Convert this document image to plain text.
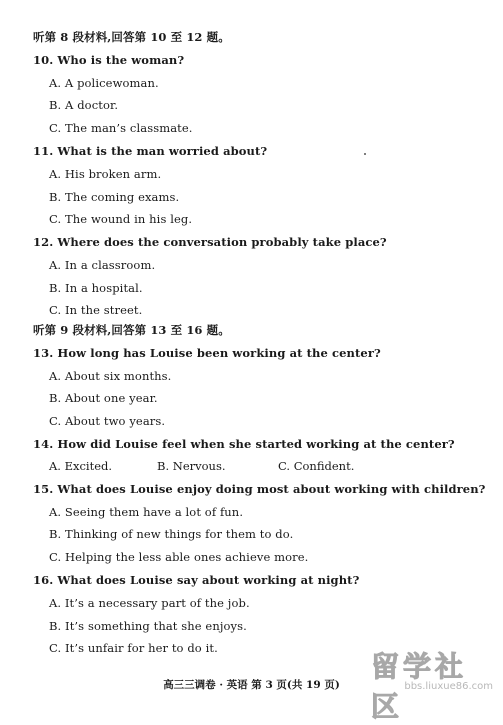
听第 8 段材料,回答第 10 至 12 题。
10. Who is the woman?
A. A policewoman.
B. A doctor.
C. The man’s classmate.
11. What is the man worried about?
A. His broken arm.
B. The coming exams.
C. The wound in his leg.
12. Where does the conversation probably take place?
A. In a classroom.
B. In a hospital.
C. In the street.
听第 9 段材料,回答第 13 至 16 题。
13. How long has Louise been working at the center?
A. About six months.
B. About one year.
C. About two years.
14. How did Louise feel when she started working at the center?
A. Excited.	B. Nervous.	C. Confident.
15. What does Louise enjoy doing most about working with children?
A. Seeing them have a lot of fun.
B. Thinking of new things for them to do.
C. Helping the less able ones achieve more.
16. What does Louise say about working at night?
A. It’s a necessary part of the job.
B. It’s something that she enjoys.
C. It’s unfair for her to do it.
高三三调卷 · 英语 第 3 页(共 19 页)
留学社区
bbs.liuxue86.com
